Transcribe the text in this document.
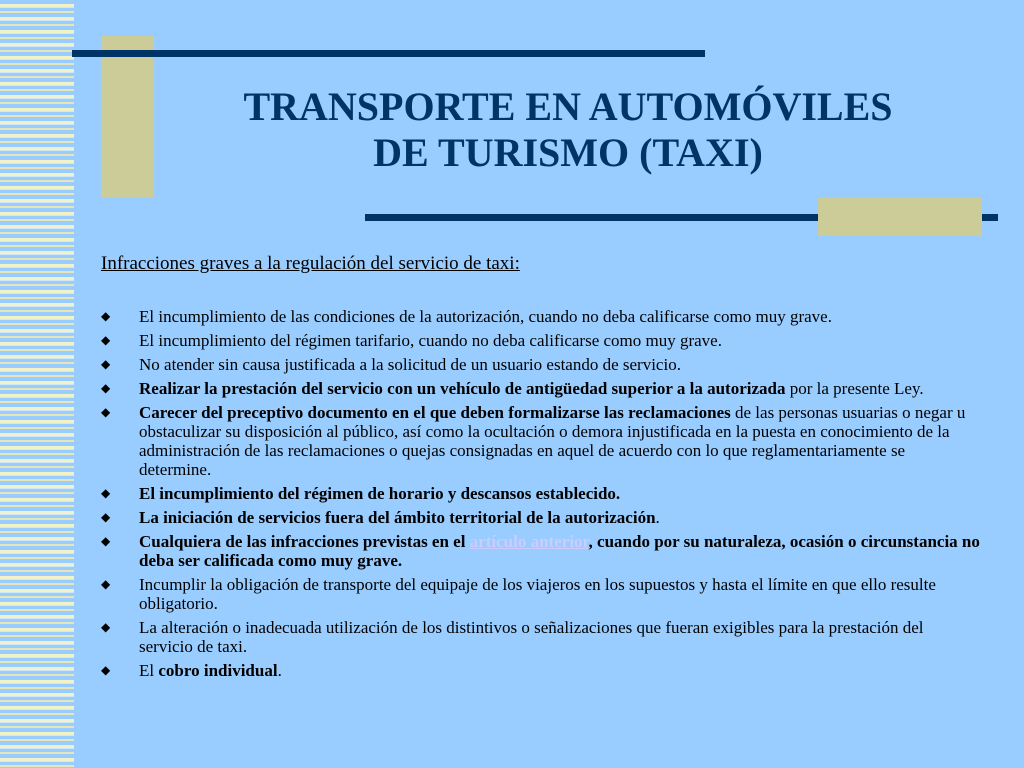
TRANSPORTE EN AUTOMÓVILES
DE TURISMO (TAXI)
Infracciones graves a la regulación del servicio de taxi:
◆ El incumplimiento de las condiciones de la autorización, cuando no deba calificarse como muy grave.
◆ El incumplimiento del régimen tarifario, cuando no deba calificarse como muy grave.
◆ No atender sin causa justificada a la solicitud de un usuario estando de servicio.
◆ Realizar la prestación del servicio con un vehículo de antigüedad superior a la autorizada por la presente Ley.
◆ Carecer del preceptivo documento en el que deben formalizarse las reclamaciones de las personas usuarias o negar u obstaculizar su disposición al público, así como la ocultación o demora injustificada en la puesta en conocimiento de la administración de las reclamaciones o quejas consignadas en aquel de acuerdo con lo que reglamentariamente se determine.
◆ El incumplimiento del régimen de horario y descansos establecido.
◆ La iniciación de servicios fuera del ámbito territorial de la autorización.
◆ Cualquiera de las infracciones previstas en el artículo anterior, cuando por su naturaleza, ocasión o circunstancia no deba ser calificada como muy grave.
◆ Incumplir la obligación de transporte del equipaje de los viajeros en los supuestos y hasta el límite en que ello resulte obligatorio.
◆ La alteración o inadecuada utilización de los distintivos o señalizaciones que fueran exigibles para la prestación del servicio de taxi.
◆ El cobro individual.
